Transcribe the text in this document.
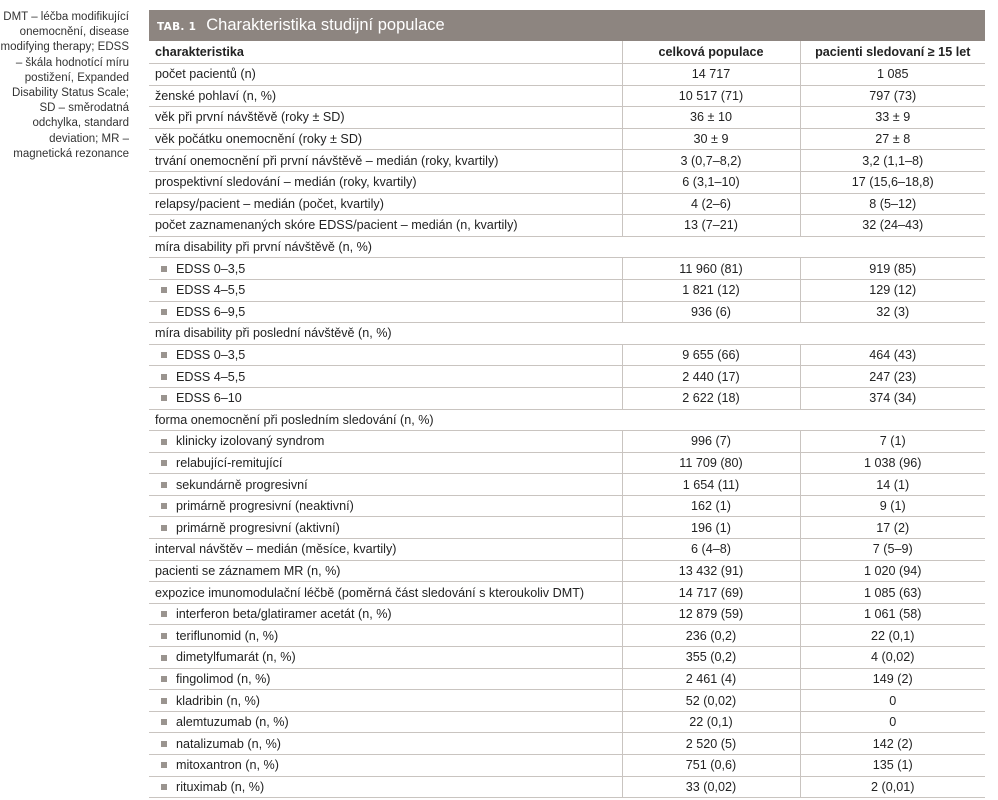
DMT – léčba modifikující onemocnění, disease modifying therapy; EDSS – škála hodnotící míru postižení, Expanded Disability Status Scale; SD – směrodatná odchylka, standard deviation; MR – magnetická rezonance
TAB. 1 Charakteristika studijní populace
charakteristika	celková populace	pacienti sledovaní ≥ 15 let
počet pacientů (n)	14 717	1 085
ženské pohlaví (n, %)	10 517 (71)	797 (73)
věk při první návštěvě (roky ± SD)	36 ± 10	33 ± 9
věk počátku onemocnění (roky ± SD)	30 ± 9	27 ± 8
trvání onemocnění při první návštěvě – medián (roky, kvartily)	3 (0,7–8,2)	3,2 (1,1–8)
prospektivní sledování – medián (roky, kvartily)	6 (3,1–10)	17 (15,6–18,8)
relapsy/pacient – medián (počet, kvartily)	4 (2–6)	8 (5–12)
počet zaznamenaných skóre EDSS/pacient – medián (n, kvartily)	13 (7–21)	32 (24–43)
míra disability při první návštěvě (n, %)		
EDSS 0–3,5	11 960 (81)	919 (85)
EDSS 4–5,5	1 821 (12)	129 (12)
EDSS 6–9,5	936 (6)	32 (3)
míra disability při poslední návštěvě (n, %)		
EDSS 0–3,5	9 655 (66)	464 (43)
EDSS 4–5,5	2 440 (17)	247 (23)
EDSS 6–10	2 622 (18)	374 (34)
forma onemocnění při posledním sledování (n, %)		
klinicky izolovaný syndrom	996 (7)	7 (1)
relabující-remitující	11 709 (80)	1 038 (96)
sekundárně progresivní	1 654 (11)	14 (1)
primárně progresivní (neaktivní)	162 (1)	9 (1)
primárně progresivní (aktivní)	196 (1)	17 (2)
interval návštěv – medián (měsíce, kvartily)	6 (4–8)	7 (5–9)
pacienti se záznamem MR (n, %)	13 432 (91)	1 020 (94)
expozice imunomodulační léčbě (poměrná část sledování s kteroukoliv DMT)	14 717 (69)	1 085 (63)
interferon beta/glatiramer acetát (n, %)	12 879 (59)	1 061 (58)
teriflunomid (n, %)	236 (0,2)	22 (0,1)
dimetylfumarát (n, %)	355 (0,2)	4 (0,02)
fingolimod (n, %)	2 461 (4)	149 (2)
kladribin (n, %)	52 (0,02)	0
alemtuzumab (n, %)	22 (0,1)	0
natalizumab (n, %)	2 520 (5)	142 (2)
mitoxantron (n, %)	751 (0,6)	135 (1)
rituximab (n, %)	33 (0,02)	2 (0,01)
